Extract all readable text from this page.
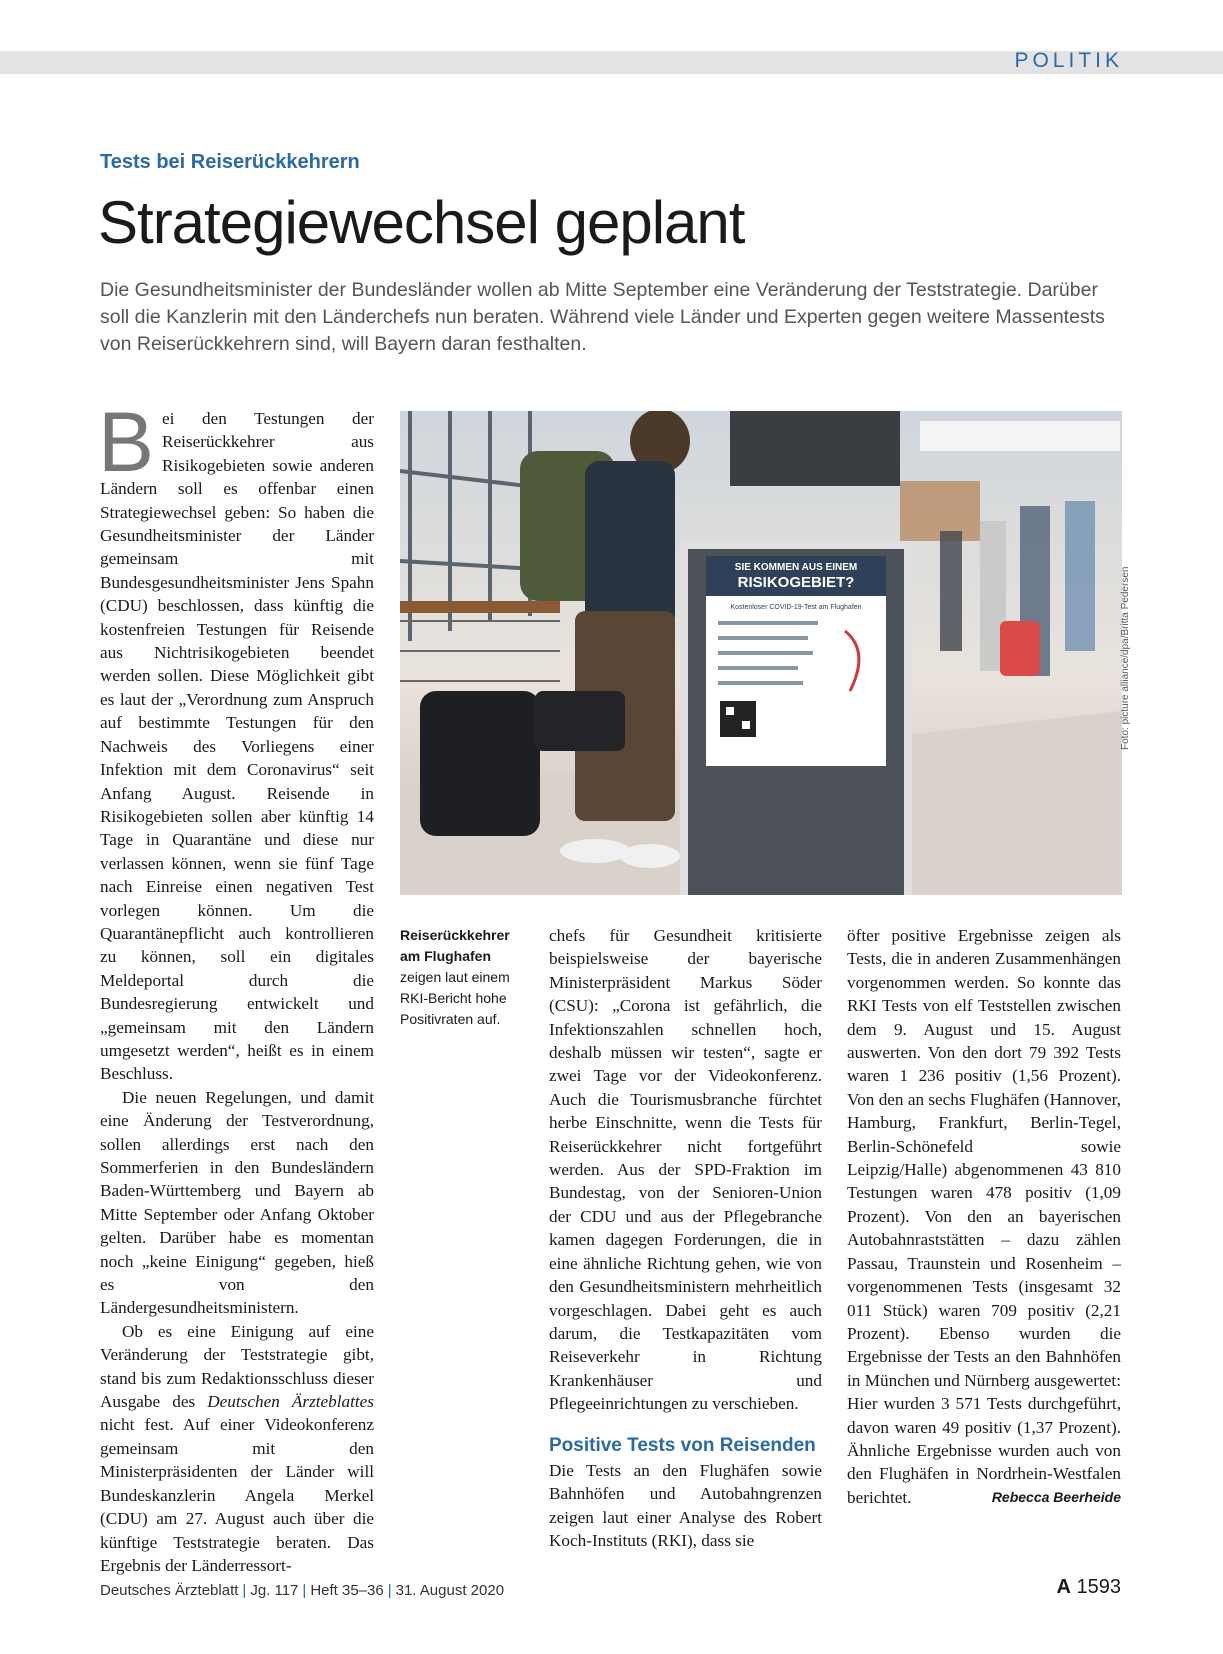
POLITIK
Tests bei Reiserückkehrern
Strategiewechsel geplant
Die Gesundheitsminister der Bundesländer wollen ab Mitte September eine Veränderung der Teststrategie. Darüber soll die Kanzlerin mit den Länderchefs nun beraten. Während viele Länder und Experten gegen weitere Massentests von Reiserückkehrern sind, will Bayern daran festhalten.

Bei den Testungen der Reiserückkehrer aus Risikogebieten sowie anderen Ländern soll es offenbar einen Strategiewechsel geben: So haben die Gesundheitsminister der Länder gemeinsam mit Bundesgesundheitsminister Jens Spahn (CDU) beschlossen, dass künftig die kostenfreien Testungen für Reisende aus Nichtrisikogebieten beendet werden sollen. Diese Möglichkeit gibt es laut der „Verordnung zum Anspruch auf bestimmte Testungen für den Nachweis des Vorliegens einer Infektion mit dem Coronavirus“ seit Anfang August. Reisende in Risikogebieten sollen aber künftig 14 Tage in Quarantäne und diese nur verlassen können, wenn sie fünf Tage nach Einreise einen negativen Test vorlegen können. Um die Quarantänepflicht auch kontrollieren zu können, soll ein digitales Meldeportal durch die Bundesregierung entwickelt und „gemeinsam mit den Ländern umgesetzt werden“, heißt es in einem Beschluss.

Die neuen Regelungen, und damit eine Änderung der Testverordnung, sollen allerdings erst nach den Sommerferien in den Bundesländern Baden-Württemberg und Bayern ab Mitte September oder Anfang Oktober gelten. Darüber habe es momentan noch „keine Einigung“ gegeben, hieß es von den Ländergesundheitsministern.

Ob es eine Einigung auf eine Veränderung der Teststrategie gibt, stand bis zum Redaktionsschluss dieser Ausgabe des Deutschen Ärzteblattes nicht fest. Auf einer Videokonferenz gemeinsam mit den Ministerpräsidenten der Länder will Bundeskanzlerin Angela Merkel (CDU) am 27. August auch über die künftige Teststrategie beraten. Das Ergebnis der Länderressort-

SIE KOMMEN AUS EINEM
RISIKOGEBIET?
Kostenloser COVID-19-Test am Flughafen	Foto: picture alliance/dpa/Britta Pedersen
Reiserückkehrer am Flughafen
zeigen laut einem RKI-Bericht hohe Positivraten auf.

chefs für Gesundheit kritisierte beispielsweise der bayerische Ministerpräsident Markus Söder (CSU): „Corona ist gefährlich, die Infektionszahlen schnellen hoch, deshalb müssen wir testen“, sagte er zwei Tage vor der Videokonferenz. Auch die Tourismusbranche fürchtet herbe Einschnitte, wenn die Tests für Reiserückkehrer nicht fortgeführt werden. Aus der SPD-Fraktion im Bundestag, von der Senioren-Union der CDU und aus der Pflegebranche kamen dagegen Forderungen, die in eine ähnliche Richtung gehen, wie von den Gesundheitsministern mehrheitlich vorgeschlagen. Dabei geht es auch darum, die Testkapazitäten vom Reiseverkehr in Richtung Krankenhäuser und Pflegeeinrichtungen zu verschieben.

Positive Tests von Reisenden

Die Tests an den Flughäfen sowie Bahnhöfen und Autobahngrenzen zeigen laut einer Analyse des Robert Koch-Instituts (RKI), dass sie

öfter positive Ergebnisse zeigen als Tests, die in anderen Zusammenhängen vorgenommen werden. So konnte das RKI Tests von elf Teststellen zwischen dem 9. August und 15. August auswerten. Von den dort 79 392 Tests waren 1 236 positiv (1,56 Prozent). Von den an sechs Flughäfen (Hannover, Hamburg, Frankfurt, Berlin-Tegel, Berlin-Schönefeld sowie Leipzig/Halle) abgenommenen 43 810 Testungen waren 478 positiv (1,09 Prozent). Von den an bayerischen Autobahnraststätten – dazu zählen Passau, Traunstein und Rosenheim – vorgenommenen Tests (insgesamt 32 011 Stück) waren 709 positiv (2,21 Prozent). Ebenso wurden die Ergebnisse der Tests an den Bahnhöfen in München und Nürnberg ausgewertet: Hier wurden 3 571 Tests durchgeführt, davon waren 49 positiv (1,37 Prozent). Ähnliche Ergebnisse wurden auch von den Flughäfen in Nordrhein-Westfalen berichtet.	Rebecca Beerheide

Deutsches Ärzteblatt | Jg. 117 | Heft 35–36 | 31. August 2020	A 1593
